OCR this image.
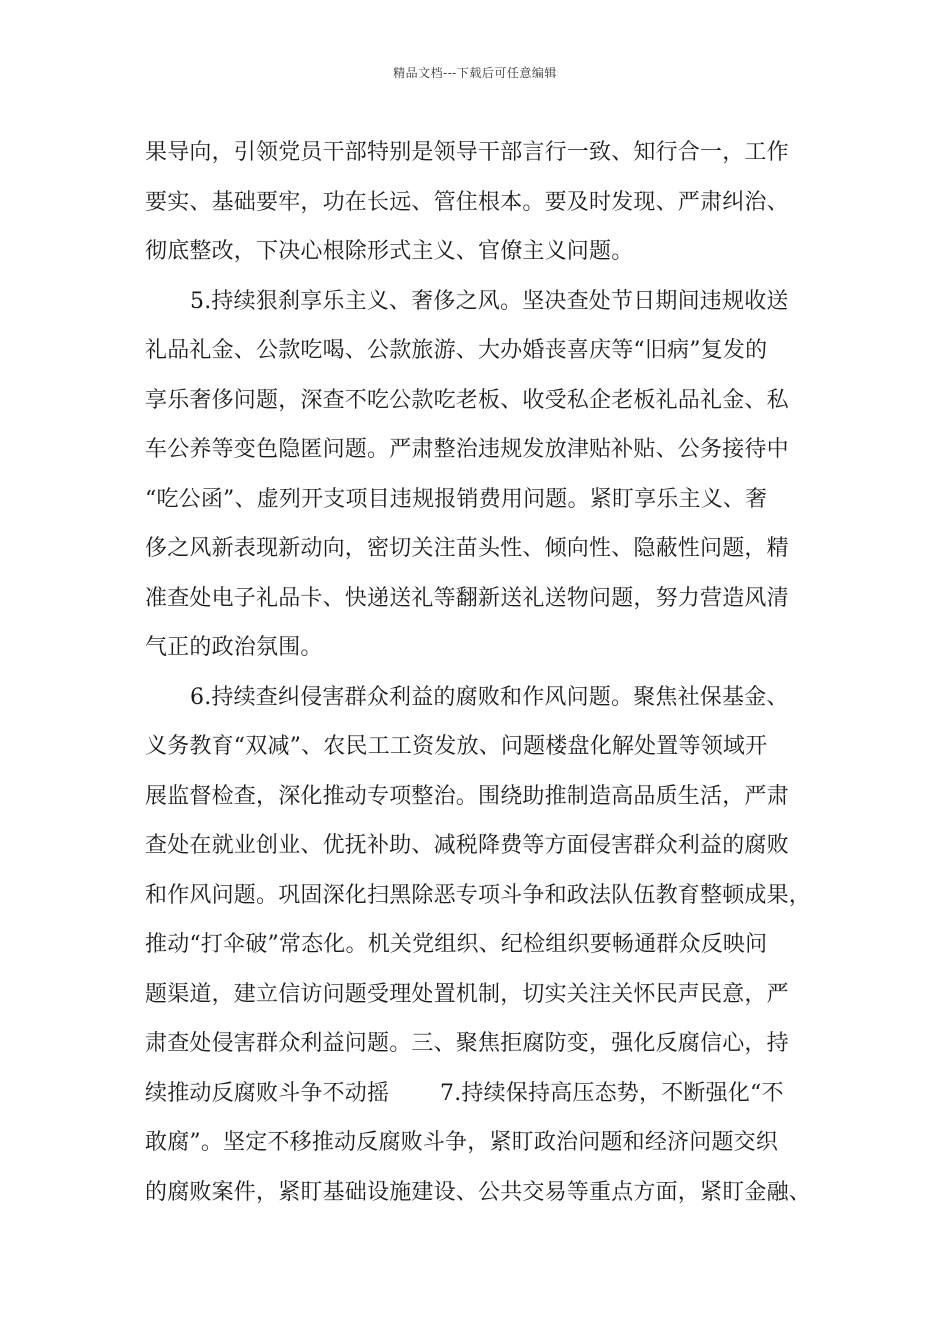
精品文档---下载后可任意编辑
果导向，引领党员干部特别是领导干部言行一致、知行合一，工作
要实、基础要牢，功在长远、管住根本。要及时发现、严肃纠治、
彻底整改，下决心根除形式主义、官僚主义问题。
5.持续狠刹享乐主义、奢侈之风。坚决查处节日期间违规收送
礼品礼金、公款吃喝、公款旅游、大办婚丧喜庆等“旧病”复发的
享乐奢侈问题，深查不吃公款吃老板、收受私企老板礼品礼金、私
车公养等变色隐匿问题。严肃整治违规发放津贴补贴、公务接待中
“吃公函”、虚列开支项目违规报销费用问题。紧盯享乐主义、奢
侈之风新表现新动向，密切关注苗头性、倾向性、隐蔽性问题，精
准查处电子礼品卡、快递送礼等翻新送礼送物问题，努力营造风清
气正的政治氛围。
6.持续查纠侵害群众利益的腐败和作风问题。聚焦社保基金、
义务教育“双减”、农民工工资发放、问题楼盘化解处置等领域开
展监督检查，深化推动专项整治。围绕助推制造高品质生活，严肃
查处在就业创业、优抚补助、减税降费等方面侵害群众利益的腐败
和作风问题。巩固深化扫黑除恶专项斗争和政法队伍教育整顿成果，
推动“打伞破”常态化。机关党组织、纪检组织要畅通群众反映问
题渠道，建立信访问题受理处置机制，切实关注关怀民声民意，严
肃查处侵害群众利益问题。三、聚焦拒腐防变，强化反腐信心，持
续推动反腐败斗争不动摇 7.持续保持高压态势，不断强化“不
敢腐”。坚定不移推动反腐败斗争，紧盯政治问题和经济问题交织
的腐败案件，紧盯基础设施建设、公共交易等重点方面，紧盯金融、
